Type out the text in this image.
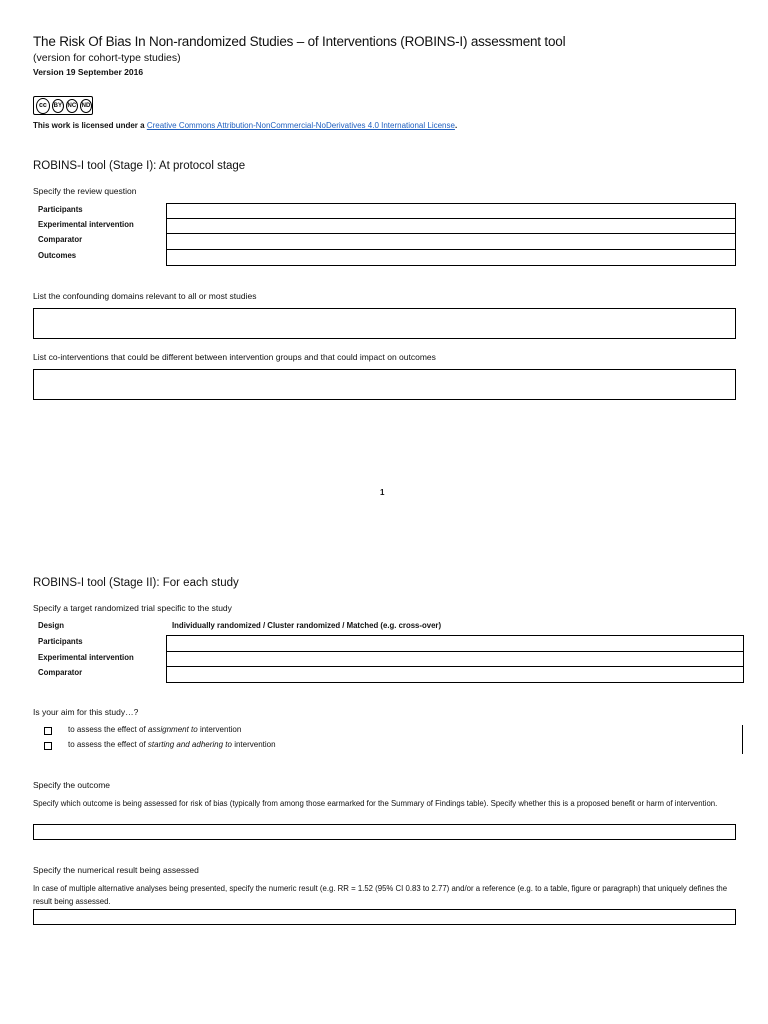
The Risk Of Bias In Non-randomized Studies – of Interventions (ROBINS-I) assessment tool
(version for cohort-type studies)
Version 19 September 2016
cc	BY NC ND
This work is licensed under a Creative Commons Attribution-NonCommercial-NoDerivatives 4.0 International License.
ROBINS-I tool (Stage I): At protocol stage
Specify the review question
Participants
Experimental intervention
Comparator
Outcomes
List the confounding domains relevant to all or most studies
List co-interventions that could be different between intervention groups and that could impact on outcomes
1
ROBINS-I tool (Stage II): For each study
Specify a target randomized trial specific to the study
Design	Individually randomized / Cluster randomized / Matched (e.g. cross-over)
Participants
Experimental intervention
Comparator
Is your aim for this study…?
to assess the effect of assignment to intervention
to assess the effect of starting and adhering to intervention
Specify the outcome
Specify which outcome is being assessed for risk of bias (typically from among those earmarked for the Summary of Findings table). Specify whether this is a proposed benefit or harm of intervention.
Specify the numerical result being assessed
In case of multiple alternative analyses being presented, specify the numeric result (e.g. RR = 1.52 (95% CI 0.83 to 2.77) and/or a reference (e.g. to a table, figure or paragraph) that uniquely defines the result being assessed.
